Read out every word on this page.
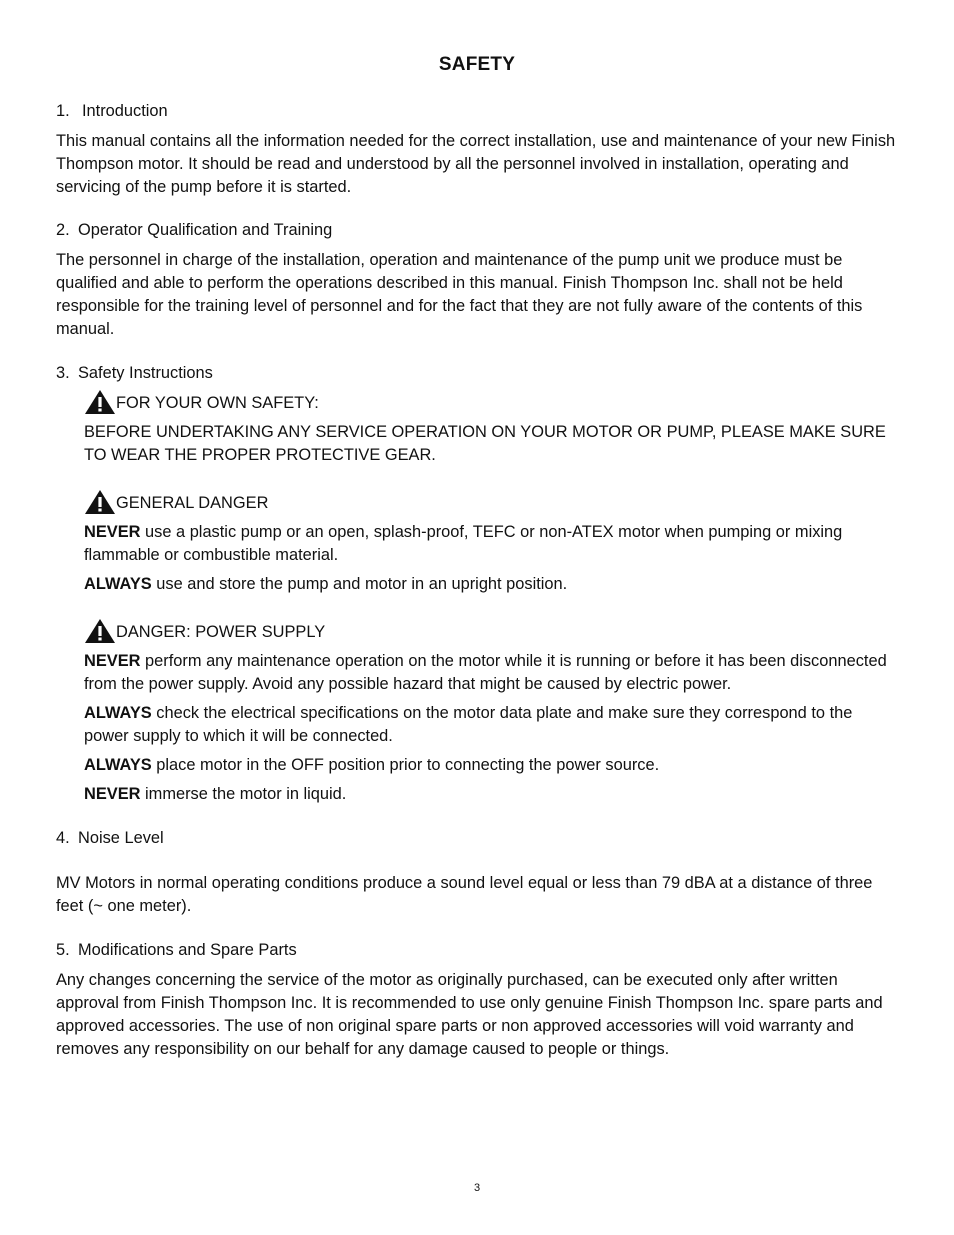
SAFETY
1. Introduction

This manual contains all the information needed for the correct installation, use and maintenance of your new Finish Thompson motor. It should be read and understood by all the personnel involved in installation, operating and servicing of the pump before it is started.

2. Operator Qualification and Training

The personnel in charge of the installation, operation and maintenance of the pump unit we produce must be qualified and able to perform the operations described in this manual. Finish Thompson Inc. shall not be held responsible for the training level of personnel and for the fact that they are not fully aware of the contents of this manual.

3. Safety Instructions
FOR YOUR OWN SAFETY:

BEFORE UNDERTAKING ANY SERVICE OPERATION ON YOUR MOTOR OR PUMP, PLEASE MAKE SURE TO WEAR THE PROPER PROTECTIVE GEAR.

GENERAL DANGER

NEVER use a plastic pump or an open, splash-proof, TEFC or non-ATEX motor when pumping or mixing flammable or combustible material.

ALWAYS use and store the pump and motor in an upright position.

DANGER: POWER SUPPLY

NEVER perform any maintenance operation on the motor while it is running or before it has been disconnected from the power supply. Avoid any possible hazard that might be caused by electric power.

ALWAYS check the electrical specifications on the motor data plate and make sure they correspond to the power supply to which it will be connected.

ALWAYS place motor in the OFF position prior to connecting the power source.

NEVER immerse the motor in liquid.

4. Noise Level

MV Motors in normal operating conditions produce a sound level equal or less than 79 dBA at a distance of three feet (~ one meter).

5. Modifications and Spare Parts

Any changes concerning the service of the motor as originally purchased, can be executed only after written approval from Finish Thompson Inc. It is recommended to use only genuine Finish Thompson Inc. spare parts and approved accessories. The use of non original spare parts or non approved accessories will void warranty and removes any responsibility on our behalf for any damage caused to people or things.

3
